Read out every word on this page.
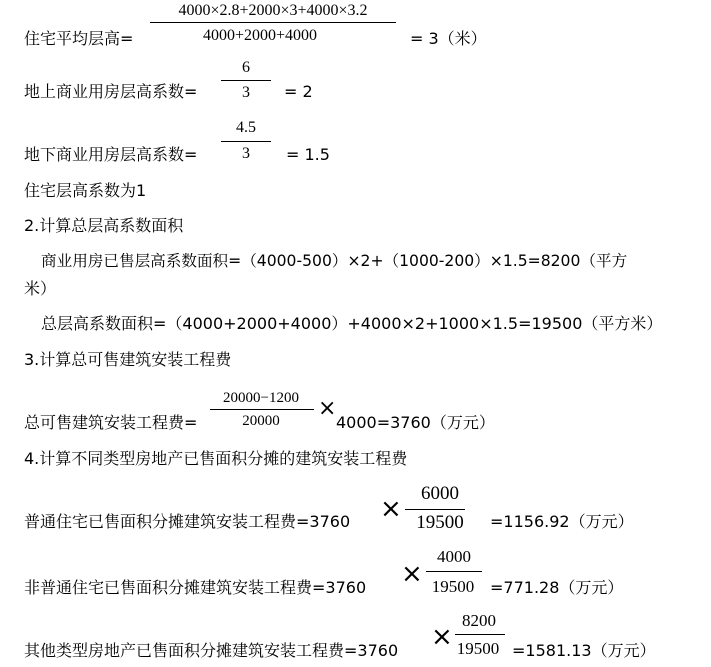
住宅平均层高=
4000×2.8+2000×3+4000×3.2
4000+2000+4000	= 3（米）
地上商业用房层高系数=
6
3	= 2
地下商业用房层高系数=
4.5
3	= 1.5
住宅层高系数为1
2.计算总层高系数面积
商业用房已售层高系数面积=（4000-500）×2+（1000-200）×1.5=8200（平方
米）
总层高系数面积=（4000+2000+4000）+4000×2+1000×1.5=19500（平方米）
3.计算总可售建筑安装工程费
总可售建筑安装工程费=
20000−1200
20000	×
4000=3760（万元）
4.计算不同类型房地产已售面积分摊的建筑安装工程费
普通住宅已售面积分摊建筑安装工程费=3760 ×
6000
19500	=1156.92（万元）
非普通住宅已售面积分摊建筑安装工程费=3760 ×
4000
19500 =771.28（万元）
其他类型房地产已售面积分摊建筑安装工程费=3760 ×
8200
19500 =1581.13（万元）
